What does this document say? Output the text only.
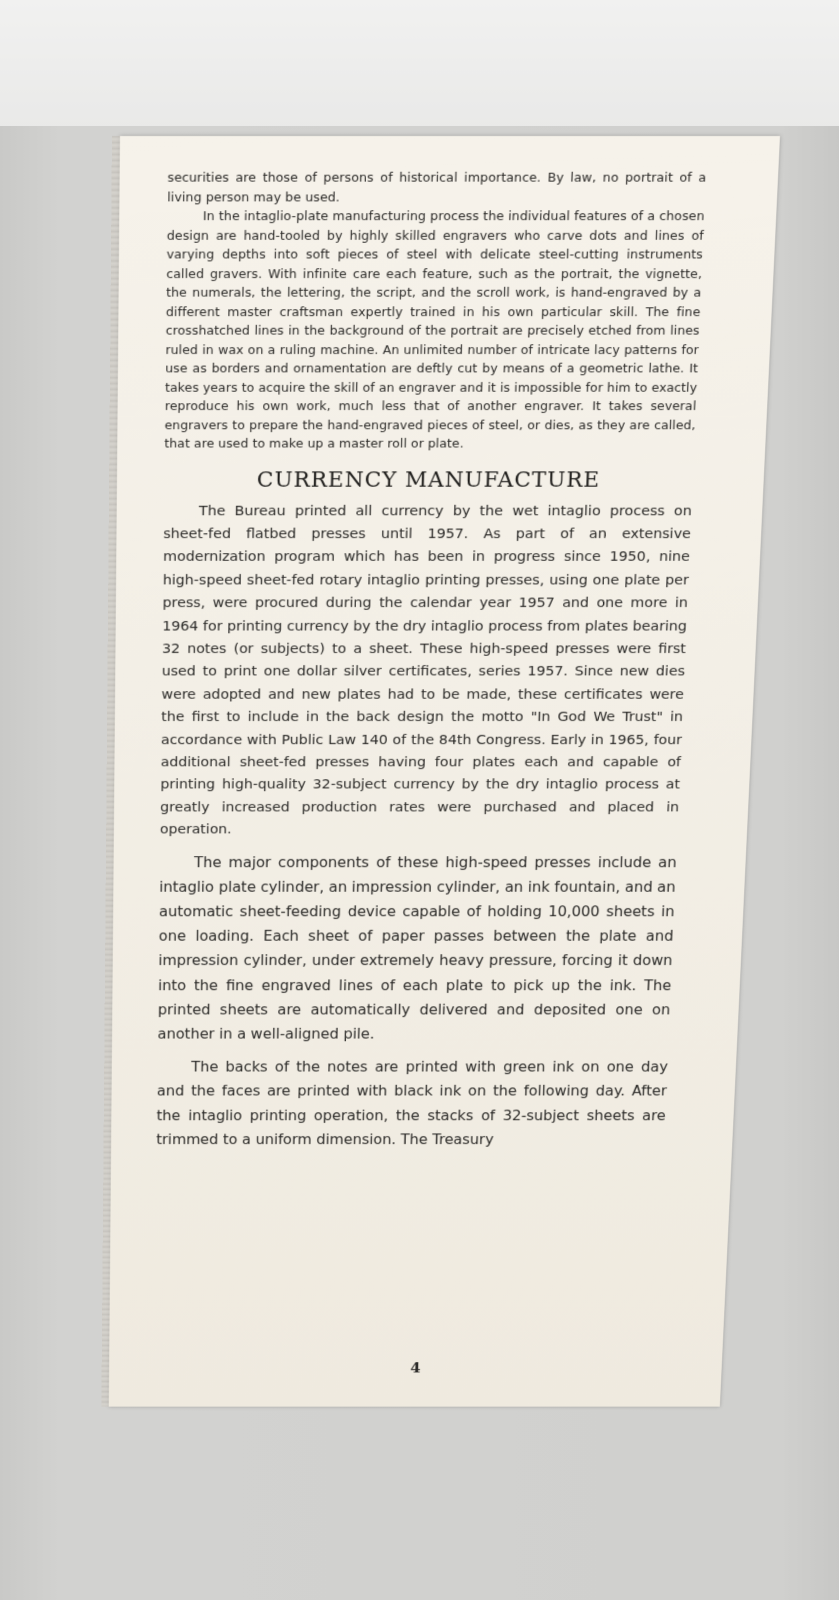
securities are those of persons of historical importance. By law, no portrait of a living person may be used.

In the intaglio-plate manufacturing process the individual features of a chosen design are hand-tooled by highly skilled engravers who carve dots and lines of varying depths into soft pieces of steel with delicate steel-cutting instruments called gravers. With infinite care each feature, such as the portrait, the vignette, the numerals, the lettering, the script, and the scroll work, is hand-engraved by a different master craftsman expertly trained in his own particular skill. The fine crosshatched lines in the background of the portrait are precisely etched from lines ruled in wax on a ruling machine. An unlimited number of intricate lacy patterns for use as borders and ornamentation are deftly cut by means of a geometric lathe. It takes years to acquire the skill of an engraver and it is impossible for him to exactly reproduce his own work, much less that of another engraver. It takes several engravers to prepare the hand-engraved pieces of steel, or dies, as they are called, that are used to make up a master roll or plate.

CURRENCY MANUFACTURE

The Bureau printed all currency by the wet intaglio process on sheet-fed flatbed presses until 1957. As part of an extensive modernization program which has been in progress since 1950, nine high-speed sheet-fed rotary intaglio printing presses, using one plate per press, were procured during the calendar year 1957 and one more in 1964 for printing currency by the dry intaglio process from plates bearing 32 notes (or subjects) to a sheet. These high-speed presses were first used to print one dollar silver certificates, series 1957. Since new dies were adopted and new plates had to be made, these certificates were the first to include in the back design the motto "In God We Trust" in accordance with Public Law 140 of the 84th Congress. Early in 1965, four additional sheet-fed presses having four plates each and capable of printing high-quality 32-subject currency by the dry intaglio process at greatly increased production rates were purchased and placed in operation.

The major components of these high-speed presses include an intaglio plate cylinder, an impression cylinder, an ink fountain, and an automatic sheet-feeding device capable of holding 10,000 sheets in one loading. Each sheet of paper passes between the plate and impression cylinder, under extremely heavy pressure, forcing it down into the fine engraved lines of each plate to pick up the ink. The printed sheets are automatically delivered and deposited one on another in a well-aligned pile.

The backs of the notes are printed with green ink on one day and the faces are printed with black ink on the following day. After the intaglio printing operation, the stacks of 32-subject sheets are trimmed to a uniform dimension. The Treasury

4
